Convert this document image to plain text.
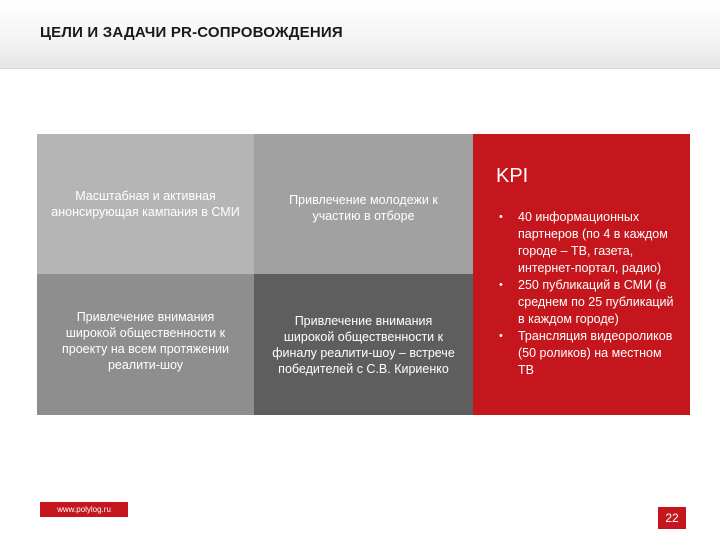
ЦЕЛИ И ЗАДАЧИ PR-СОПРОВОЖДЕНИЯ
Масштабная и активная анонсирующая кампания в СМИ
Привлечение молодежи к участию в отборе
Привлечение внимания широкой общественности к проекту на всем протяжении реалити-шоу
Привлечение внимания широкой общественности к финалу реалити-шоу – встрече победителей с С.В. Кириенко
KPI
• 40 информационных партнеров (по 4 в каждом городе – ТВ, газета, интернет-портал, радио)
• 250 публикаций в СМИ (в среднем по 25 публикаций в каждом городе)
• Трансляция видеороликов (50 роликов) на местном ТВ
www.polylog.ru
22
